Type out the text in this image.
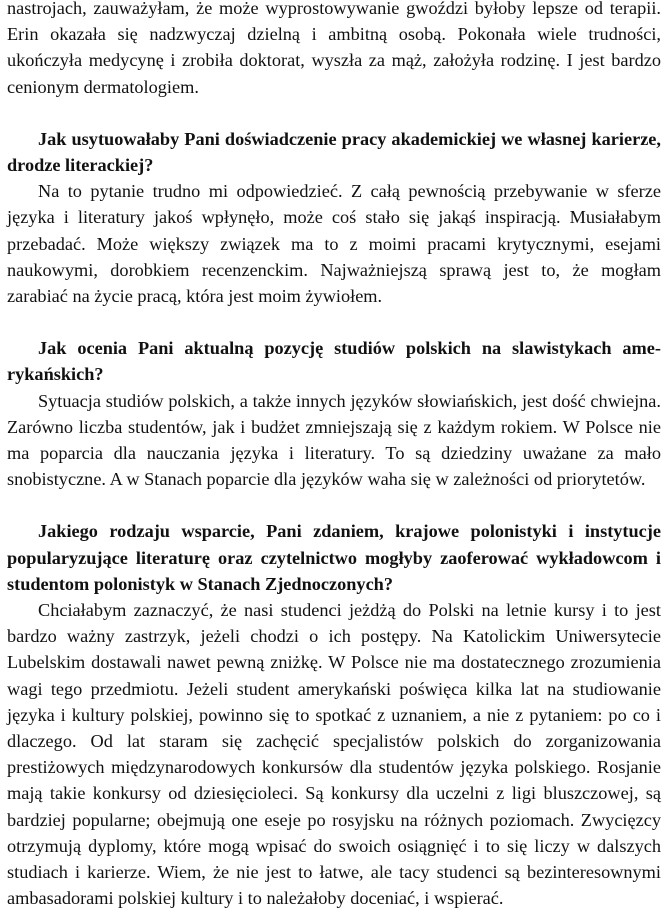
nastrojach, zauważyłam, że może wyprostowywanie gwoździ byłoby lepsze od terapii. Erin okazała się nadzwyczaj dzielną i ambitną osobą. Pokonała wiele trudności, ukończyła medycynę i zrobiła doktorat, wyszła za mąż, założyła rodzinę. I jest bardzo cenionym dermatologiem.

Jak usytuowałaby Pani doświadczenie pracy akademickiej we własnej karierze, drodze literackiej?

Na to pytanie trudno mi odpowiedzieć. Z całą pewnością przebywanie w sferze języka i literatury jakoś wpłynęło, może coś stało się jakąś inspiracją. Musiałabym przebadać. Może większy związek ma to z moimi pracami krytycznymi, esejami naukowymi, dorobkiem recenzenckim. Najważniejszą sprawą jest to, że mogłam zarabiać na życie pracą, która jest moim żywiołem.

Jak ocenia Pani aktualną pozycję studiów polskich na slawistykach amerykańskich?

Sytuacja studiów polskich, a także innych języków słowiańskich, jest dość chwiejna. Zarówno liczba studentów, jak i budżet zmniejszają się z każdym rokiem. W Polsce nie ma poparcia dla nauczania języka i literatury. To są dziedziny uważane za mało snobistyczne. A w Stanach poparcie dla języków waha się w zależności od priorytetów.

Jakiego rodzaju wsparcie, Pani zdaniem, krajowe polonistyki i instytucje popularyzujące literaturę oraz czytelnictwo mogłyby zaoferować wykładowcom i studentom polonistyk w Stanach Zjednoczonych?

Chciałabym zaznaczyć, że nasi studenci jeżdżą do Polski na letnie kursy i to jest bardzo ważny zastrzyk, jeżeli chodzi o ich postępy. Na Katolickim Uniwersytecie Lubelskim dostawali nawet pewną zniżkę. W Polsce nie ma dostatecznego zrozumienia wagi tego przedmiotu. Jeżeli student amerykański poświęca kilka lat na studiowanie języka i kultury polskiej, powinno się to spotkać z uznaniem, a nie z pytaniem: po co i dlaczego. Od lat staram się zachęcić specjalistów polskich do zorganizowania prestiżowych międzynarodowych konkursów dla studentów języka polskiego. Rosjanie mają takie konkursy od dziesięcioleci. Są konkursy dla uczelni z ligi bluszczowej, są bardziej popularne; obejmują one eseje po rosyjsku na różnych poziomach. Zwycięzcy otrzymują dyplomy, które mogą wpisać do swoich osiągnięć i to się liczy w dalszych studiach i karierze. Wiem, że nie jest to łatwe, ale tacy studenci są bezinteresownymi ambasadorami polskiej kultury i to należałoby doceniać, i wspierać.
